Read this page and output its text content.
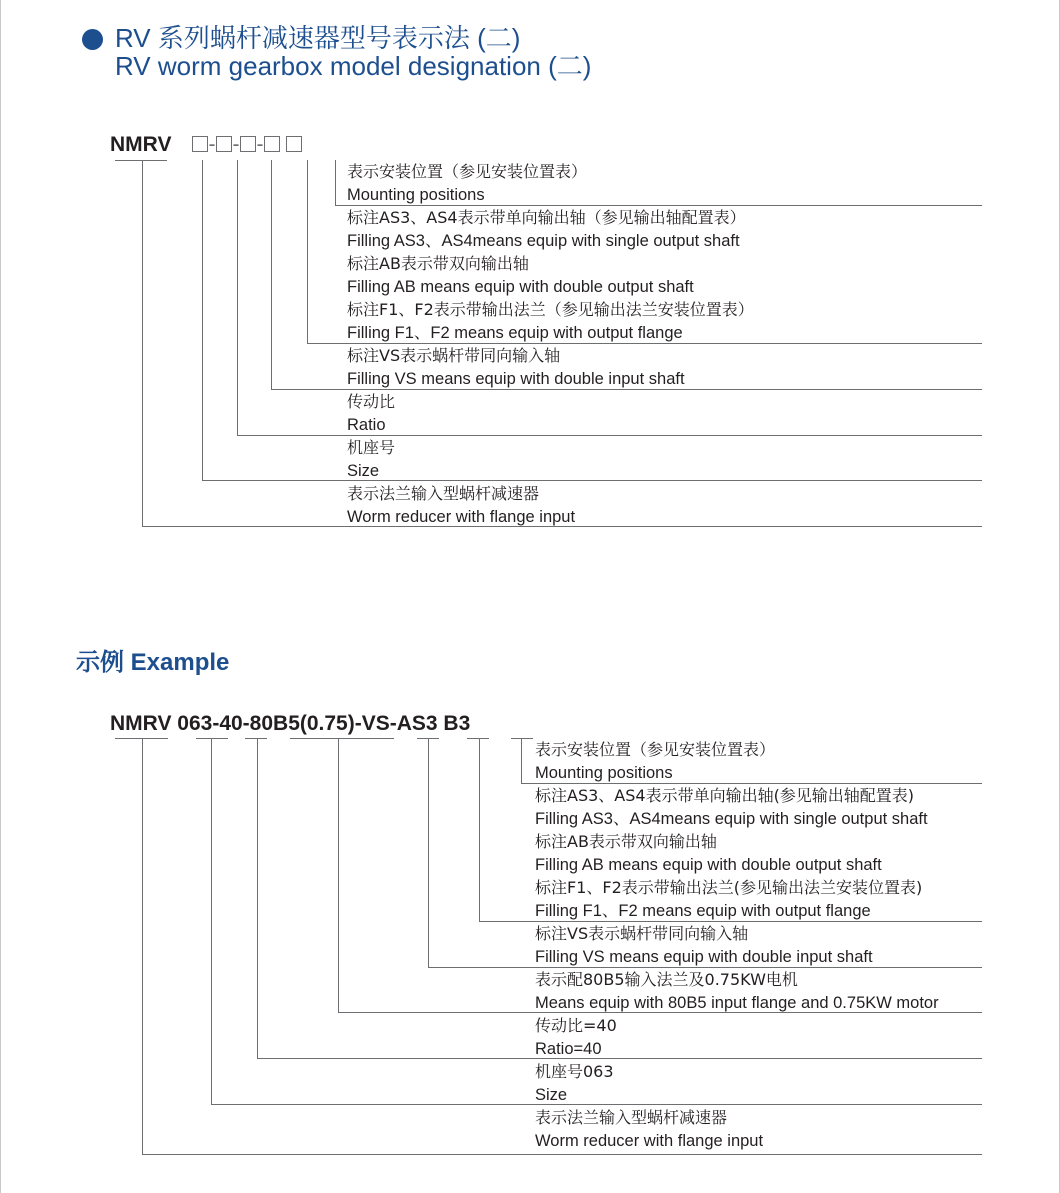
RV 系列蜗杆减速器型号表示法 (二)
RV worm gearbox model designation (二)
NMRV	- - -
表示安装位置（参见安装位置表）
Mounting positions
标注AS3、AS4表示带单向输出轴（参见输出轴配置表）
Filling AS3、AS4means equip with single output shaft
标注AB表示带双向输出轴
Filling AB means equip with double output shaft
标注F1、F2表示带输出法兰（参见输出法兰安装位置表）
Filling F1、F2 means equip with output flange
标注VS表示蜗杆带同向输入轴
Filling VS means equip with double input shaft
传动比
Ratio
机座号
Size
表示法兰输入型蜗杆减速器
Worm reducer with flange input
示例 Example
NMRV 063-40-80B5(0.75)-VS-AS3 B3
表示安装位置（参见安装位置表）
Mounting positions
标注AS3、AS4表示带单向输出轴(参见输出轴配置表)
Filling AS3、AS4means equip with single output shaft
标注AB表示带双向输出轴
Filling AB means equip with double output shaft
标注F1、F2表示带输出法兰(参见输出法兰安装位置表)
Filling F1、F2 means equip with output flange
标注VS表示蜗杆带同向输入轴
Filling VS means equip with double input shaft
表示配80B5输入法兰及0.75KW电机
Means equip with 80B5 input flange and 0.75KW motor
传动比=40
Ratio=40
机座号063
Size
表示法兰输入型蜗杆减速器
Worm reducer with flange input
